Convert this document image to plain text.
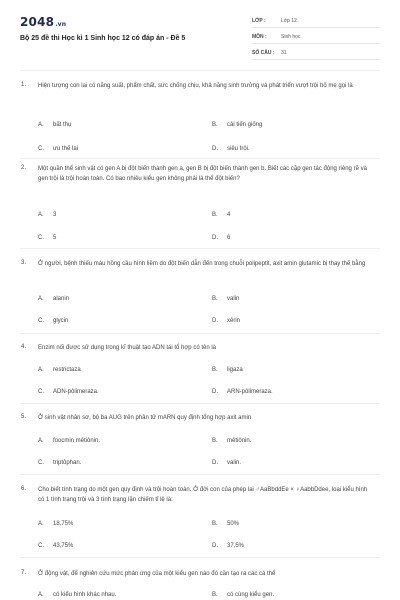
2048.vn
Bộ 25 đề thi Học kì 1 Sinh học 12 có đáp án - Đề 5
LỚP :	Lớp 12
MÔN :	Sinh học
SỐ CÂU :	31
1. Hiện tượng con lai có năng suất, phẩm chất, sức chống chịu, khả năng sinh trưởng và phát triển vượt trội bố mẹ gọi là
A. bất thụ	B. cải tiến giống
C. ưu thế lai	D. siêu trội.
2. Một quần thể sinh vật có gen A bị đột biến thành gen a, gen B bị đột biến thành gen b. Biết các cặp gen tác động riêng rẽ và gen trội là trội hoàn toàn. Có bao nhiêu kiểu gen không phải là thể đột biến?
A. 3	B. 4
C. 5	D. 6
3. Ở người, bệnh thiếu máu hồng cầu hình liềm do đột biến dẫn đến trong chuỗi polipeptit, axit amin glutamic bị thay thế bằng
A. alanin	B. valin
C. glycin	D. xêrin
4. Enzim nối được sử dụng trong kĩ thuật tạo ADN tái tổ hợp có tên là
A. restrictaza	B. ligaza
C. ADN-pôlimeraza.	D. ARN-pôlimeraza.
5. Ở sinh vật nhân sơ, bộ ba AUG trên phân tử mARN quy định tổng hợp axit amin
A. foocmin mêtiônin.	B. mêtiônin.
C. triptôphan.	D. valin.
6. Cho biết tính trạng do một gen quy định và trội hoàn toàn. Ở đời con của phép lai ♂AaBbddEe × ♀AabbDdee, loại kiểu hình có 1 tính trạng trội và 3 tính trạng lặn chiếm tỉ lệ là:
A. 18,75%	B. 50%
C. 43,75%	D. 37,5%
7. Ở động vật, để nghiên cứu mức phản ứng của một kiểu gen nào đó cần tạo ra các cá thể
A. có kiểu hình khác nhau.	B. có cùng kiểu gen.
